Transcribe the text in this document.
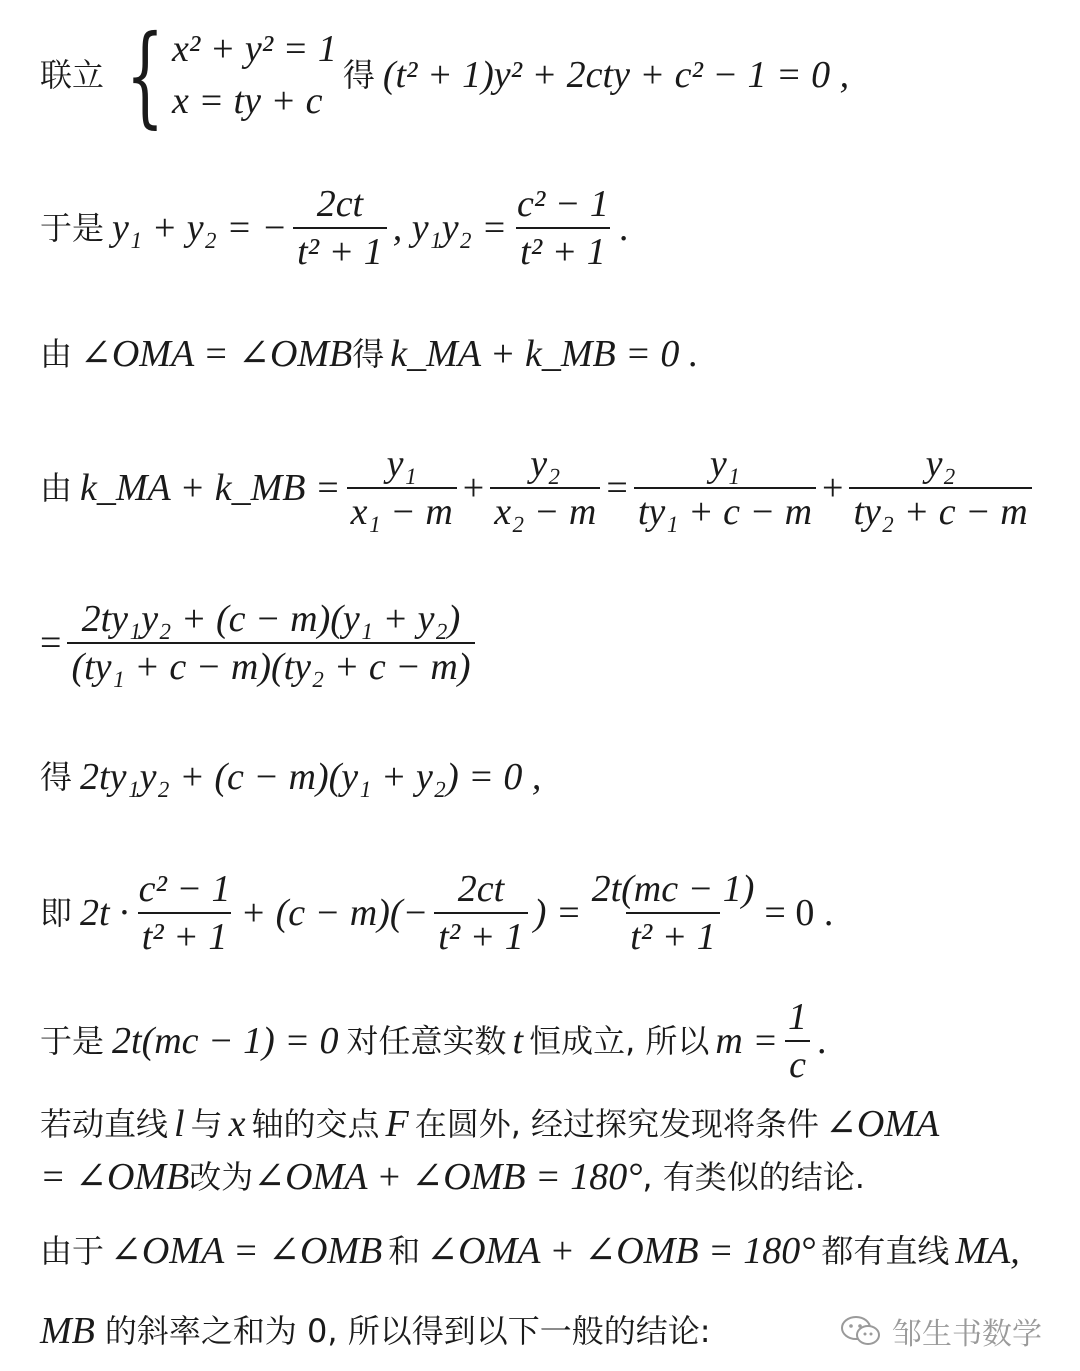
联立 { x² + y² = 1
x = ty + c
得 (t² + 1)y² + 2cty + c² − 1 = 0 ,
于是 y₁ + y₂ = − $\frac{2ct}{\text{t² + 1}}$ , $y_1y_2 = \frac{\text{c² − 1}}{\text{t² + 1}}$ .
由 ∠OMA = ∠OMB 得 k_MA + k_MB = 0 .
由 k_MA + k_MB = $\frac{\text{y₁}}{\text{x₁ − m}} + \frac{\text{y₂}}{\text{x₂ − m}} = \frac{\text{y₁}}{\text{ty₁ + c − m}} + \frac{\text{y₂}}{\text{ty₂ + c − m}}$
= $\frac{\text{2ty₁y₂ + (c − m)(y₁ + y₂)}}{\text{(ty₁ + c − m)(ty₂ + c − m)}}$
得 2ty₁y₂ + (c − m)(y₁ + y₂) = 0 ,
即 $2t \cdot \frac{\text{c² − 1}}{\text{t² + 1}} + (c - m)(- \frac{2ct}{\text{t² + 1}}$ ) = $\frac{2t(mc - 1)}{\text{t² + 1}} = 0$ .
于是 2t(mc − 1) = 0 对任意实数 t 恒成立, 所以 $m = \frac{1}{c}$ .
若动直线 l 与 x 轴的交点 F 在圆外, 经过探究发现将条件 ∠OMA
= ∠OMB 改为 ∠OMA + ∠OMB = 180° , 有类似的结论.
由于 ∠OMA = ∠OMB 和 ∠OMA + ∠OMB = 180° 都有直线 MA,
MB 的斜率之和为 0, 所以得到以下一般的结论:	邹生书数学
